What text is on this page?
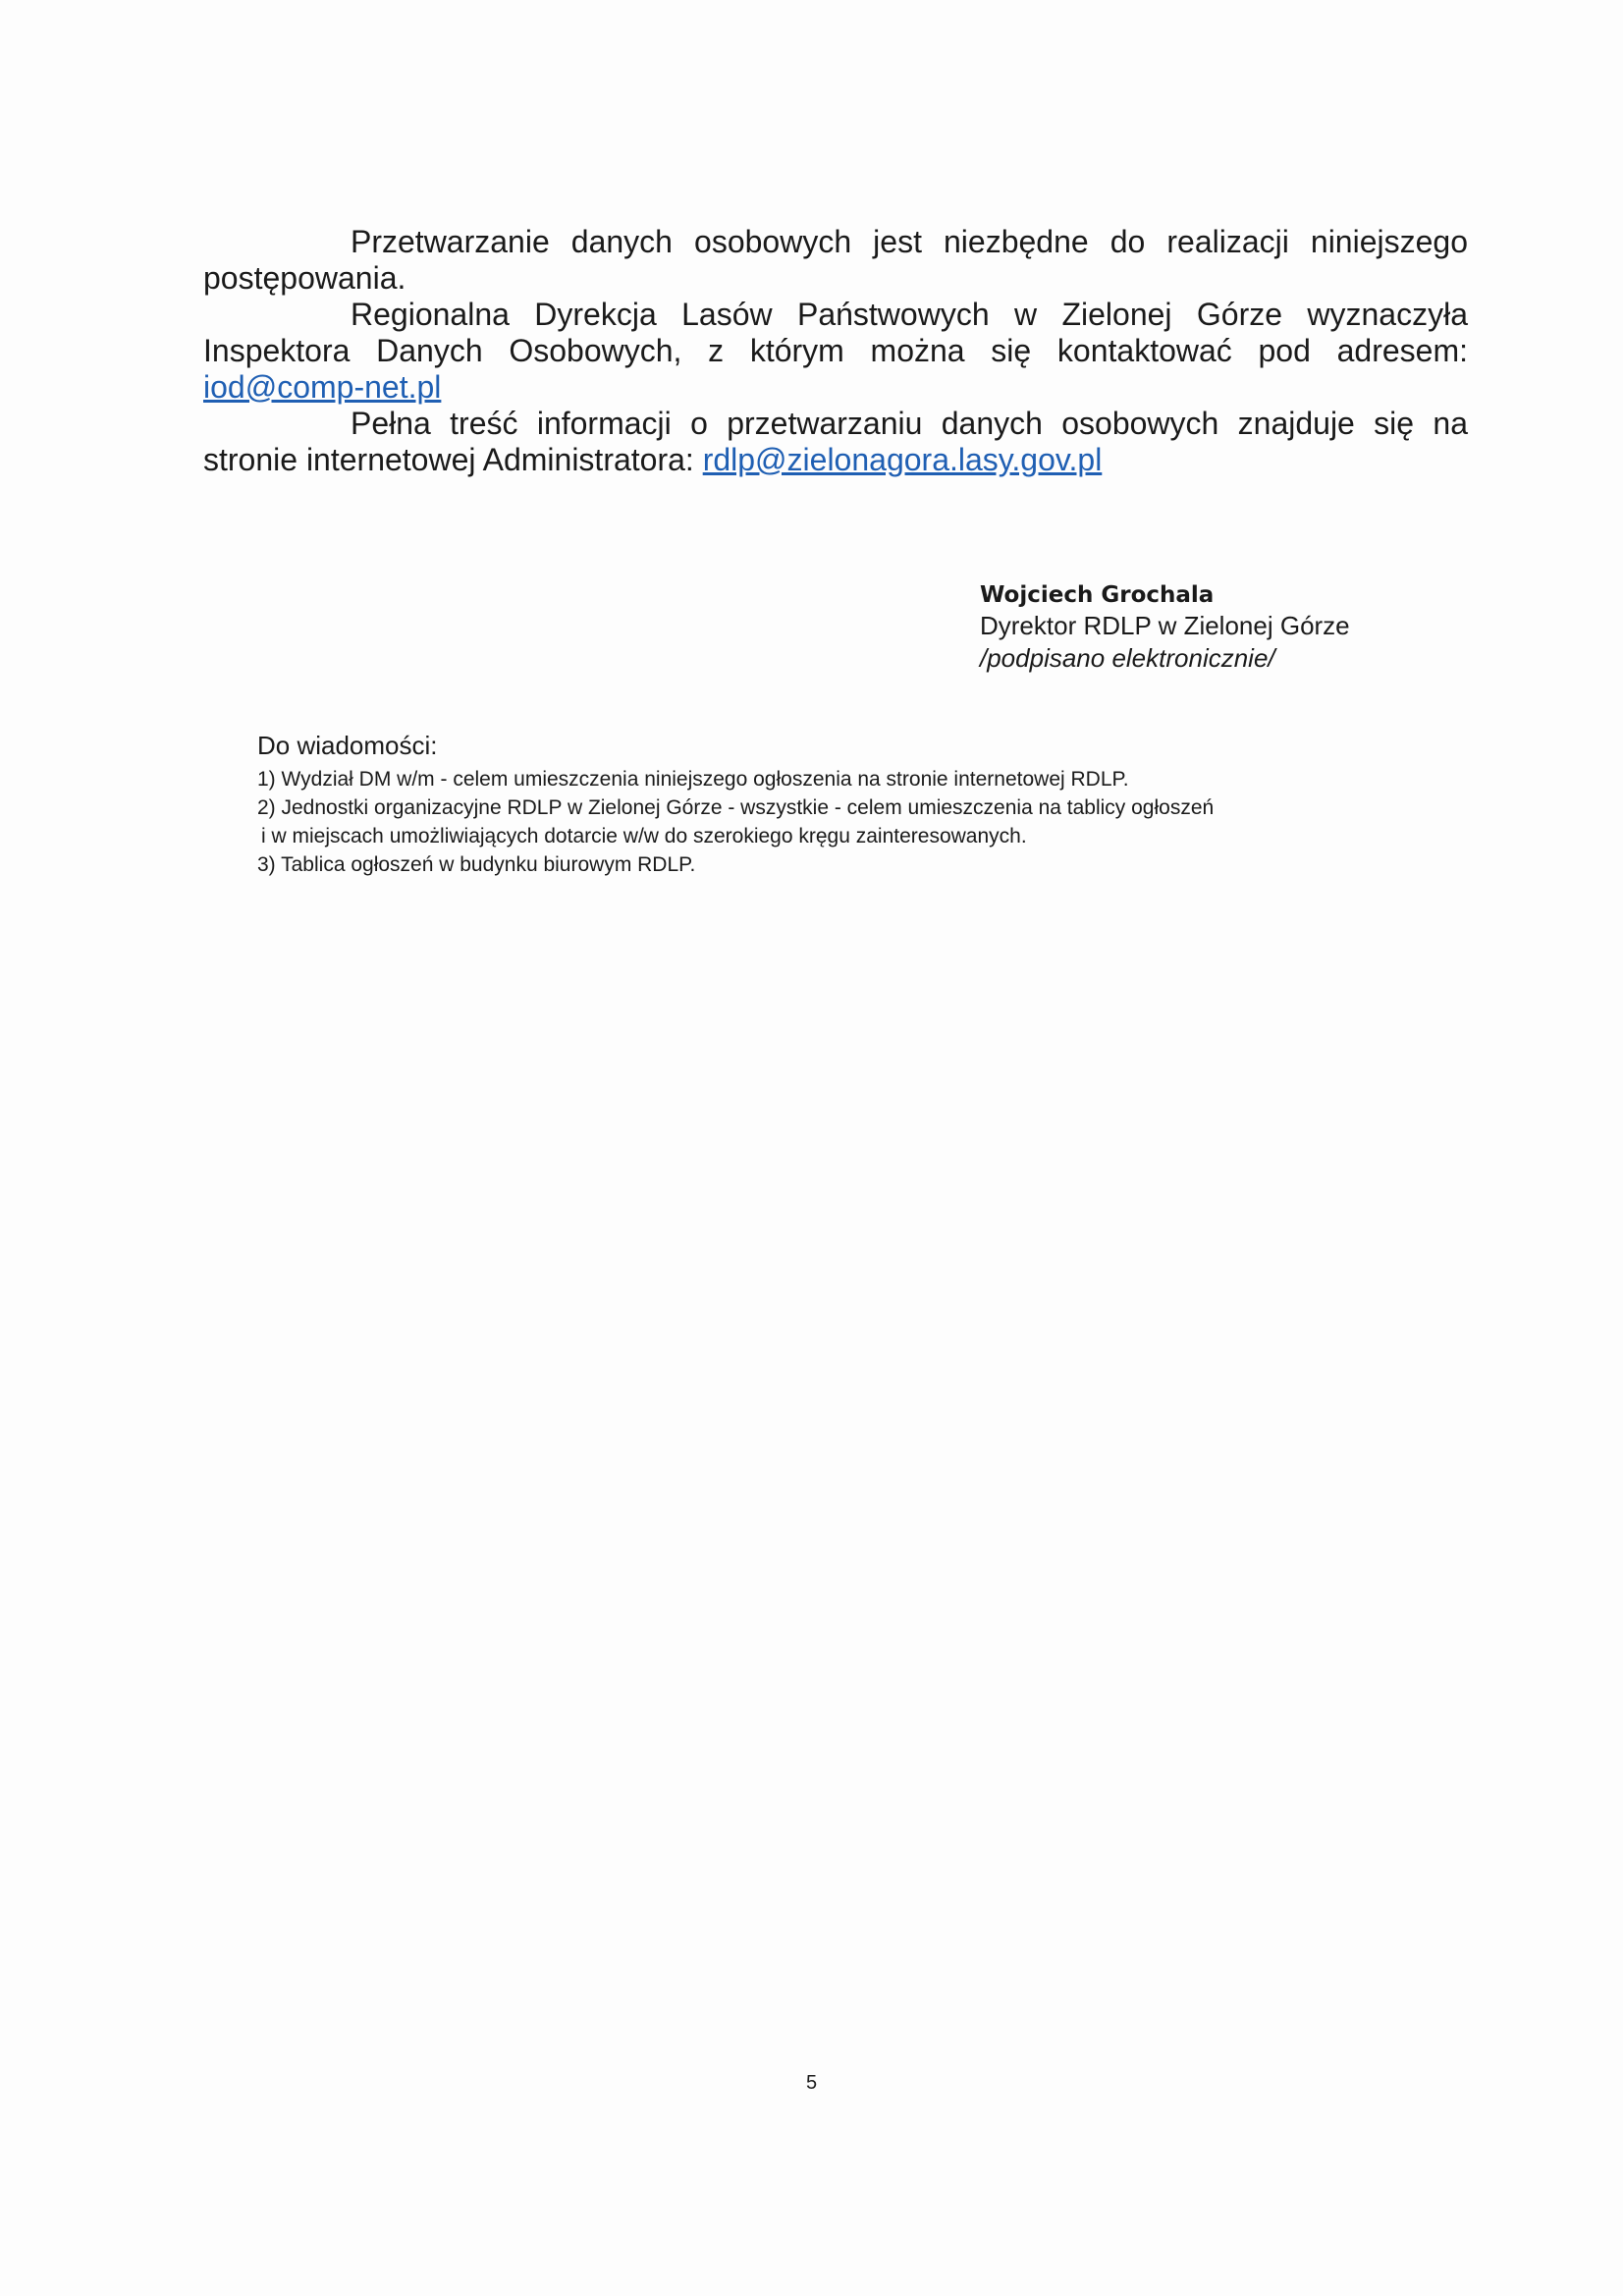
Przetwarzanie danych osobowych jest niezbędne do realizacji niniejszego postępowania.

Regionalna Dyrekcja Lasów Państwowych w Zielonej Górze wyznaczyła Inspektora Danych Osobowych, z którym można się kontaktować pod adresem: iod@comp-net.pl

Pełna treść informacji o przetwarzaniu danych osobowych znajduje się na stronie internetowej Administratora: rdlp@zielonagora.lasy.gov.pl

Wojciech Grochala
Dyrektor RDLP w Zielonej Górze
/podpisano elektronicznie/
Do wiadomości:
1) Wydział DM w/m - celem umieszczenia niniejszego ogłoszenia na stronie internetowej RDLP.
2) Jednostki organizacyjne RDLP w Zielonej Górze - wszystkie - celem umieszczenia na tablicy ogłoszeń
i w miejscach umożliwiających dotarcie w/w do szerokiego kręgu zainteresowanych.
3) Tablica ogłoszeń w budynku biurowym RDLP.
5
